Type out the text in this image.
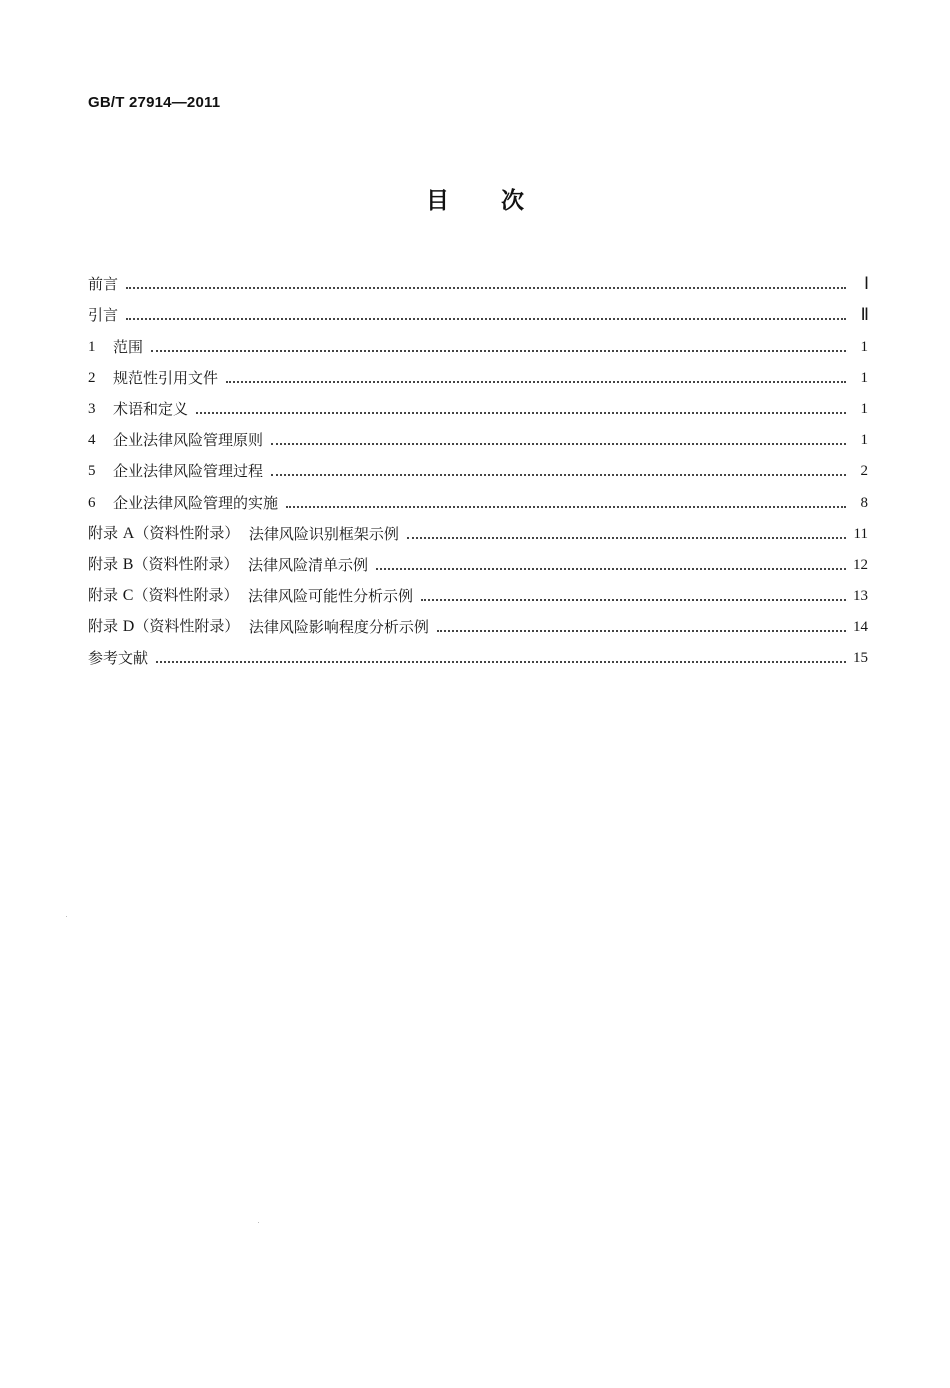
GB/T 27914—2011
目次
前言	Ⅰ
引言	Ⅱ
1	范围	1
2	规范性引用文件	1
3	术语和定义	1
4	企业法律风险管理原则	1
5	企业法律风险管理过程	2
6	企业法律风险管理的实施	8
附录 A（资料性附录） 法律风险识别框架示例	11
附录 B（资料性附录） 法律风险清单示例	12
附录 C（资料性附录） 法律风险可能性分析示例	13
附录 D（资料性附录） 法律风险影响程度分析示例	14
参考文献	15
